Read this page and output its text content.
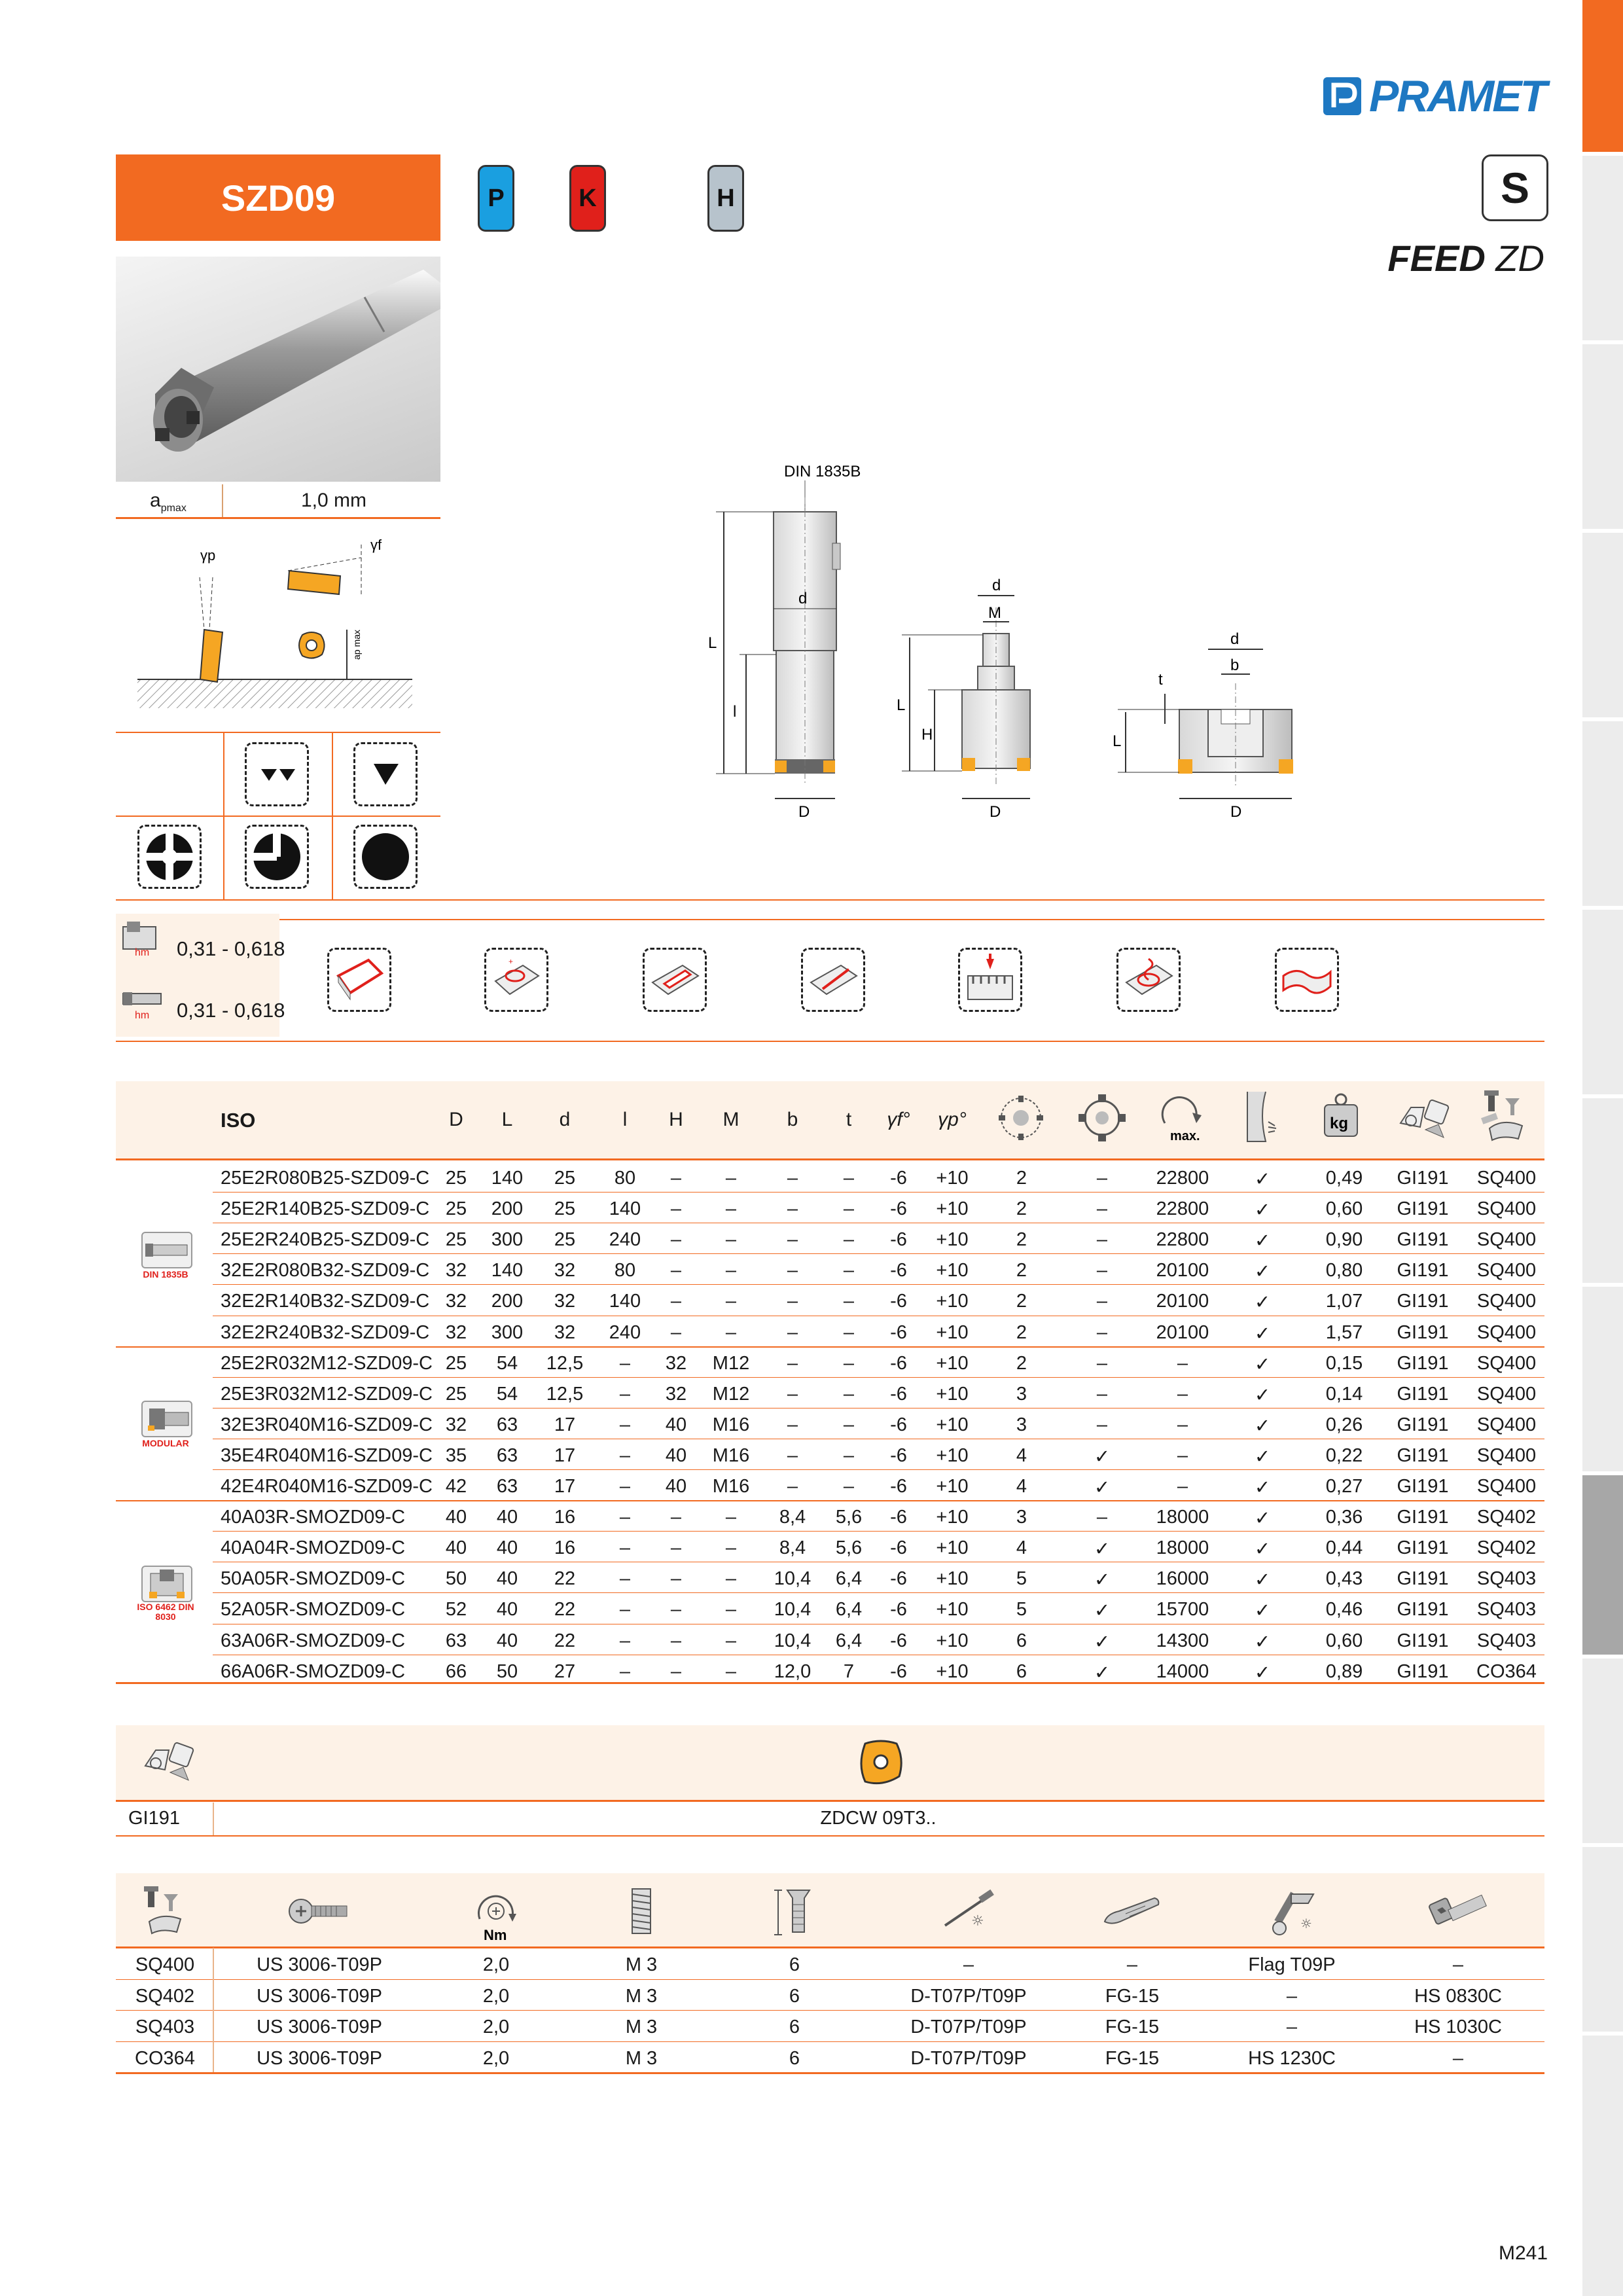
PRAMET
SZD09	P	K	H	S
FEED ZD
$a_{pmax}$	1,0 mm
γp
γf
ap max
DIN 1835B
d
L
l
D
d
M
L
H
D
d
b
t
L
D
hm 0,31 - 0,618
hm 0,31 - 0,618
+
ISO	D L d	l H M b t γf° γp°
max.
kg
DIN 1835B
MODULAR
ISO 6462 DIN 8030
25E2R080B25-SZD09-C 25 140 25 80 – –	– – -6 +10	2	–	22800 ✓	0,49 GI191 SQ400
25E2R140B25-SZD09-C 25 200 25 140 – –	– – -6 +10	2	–	22800 ✓	0,60 GI191 SQ400
25E2R240B25-SZD09-C 25 300 25 240 – –	– – -6 +10	2	–	22800 ✓	0,90 GI191 SQ400
32E2R080B32-SZD09-C 32 140 32 80 – –	– – -6 +10	2	–	20100 ✓	0,80 GI191 SQ400
32E2R140B32-SZD09-C 32 200 32 140 – –	– – -6 +10	2	–	20100 ✓	1,07 GI191 SQ400
32E2R240B32-SZD09-C 32 300 32 240 – –	– – -6 +10	2	–	20100 ✓	1,57 GI191 SQ400
25E2R032M12-SZD09-C 25 54 12,5 – 32 M12 – – -6 +10	2	–	–	✓	0,15 GI191 SQ400
25E3R032M12-SZD09-C 25 54 12,5 – 32 M12 – – -6 +10	3	–	–	✓	0,14 GI191 SQ400
32E3R040M16-SZD09-C 32 63 17 – 40 M16 – – -6 +10	3	–	–	✓	0,26 GI191 SQ400
35E4R040M16-SZD09-C 35 63 17 – 40 M16 – – -6 +10	4	✓	–	✓	0,22 GI191 SQ400
42E4R040M16-SZD09-C 42 63 17 – 40 M16 – – -6 +10	4	✓	–	✓	0,27 GI191 SQ400
40A03R-SMOZD09-C 40 40 16 – – – 8,4 5,6 -6 +10	3	–	18000 ✓	0,36 GI191 SQ402
40A04R-SMOZD09-C 40 40 16 – – – 8,4 5,6 -6 +10	4	✓ 18000 ✓	0,44 GI191 SQ402
50A05R-SMOZD09-C 50 40 22 – – – 10,4 6,4 -6 +10	5	✓ 16000 ✓	0,43 GI191 SQ403
52A05R-SMOZD09-C 52 40 22 – – – 10,4 6,4 -6 +10	5	✓ 15700 ✓	0,46 GI191 SQ403
63A06R-SMOZD09-C 63 40 22 – – – 10,4 6,4 -6 +10	6	✓ 14300 ✓	0,60 GI191 SQ403
66A06R-SMOZD09-C 66 50 27 – – – 12,0 7 -6 +10	6	✓ 14000 ✓	0,89 GI191 CO364
GI191	ZDCW 09T3..
Nm
☼	☼
SQ400	US 3006-T09P	2,0	M 3	6	–	–	Flag T09P	–
SQ402	US 3006-T09P	2,0	M 3	6	D-T07P/T09P	FG-15	–	HS 0830C
SQ403	US 3006-T09P	2,0	M 3	6	D-T07P/T09P	FG-15	–	HS 1030C
CO364	US 3006-T09P	2,0	M 3	6	D-T07P/T09P	FG-15	HS 1230C	–
M241
